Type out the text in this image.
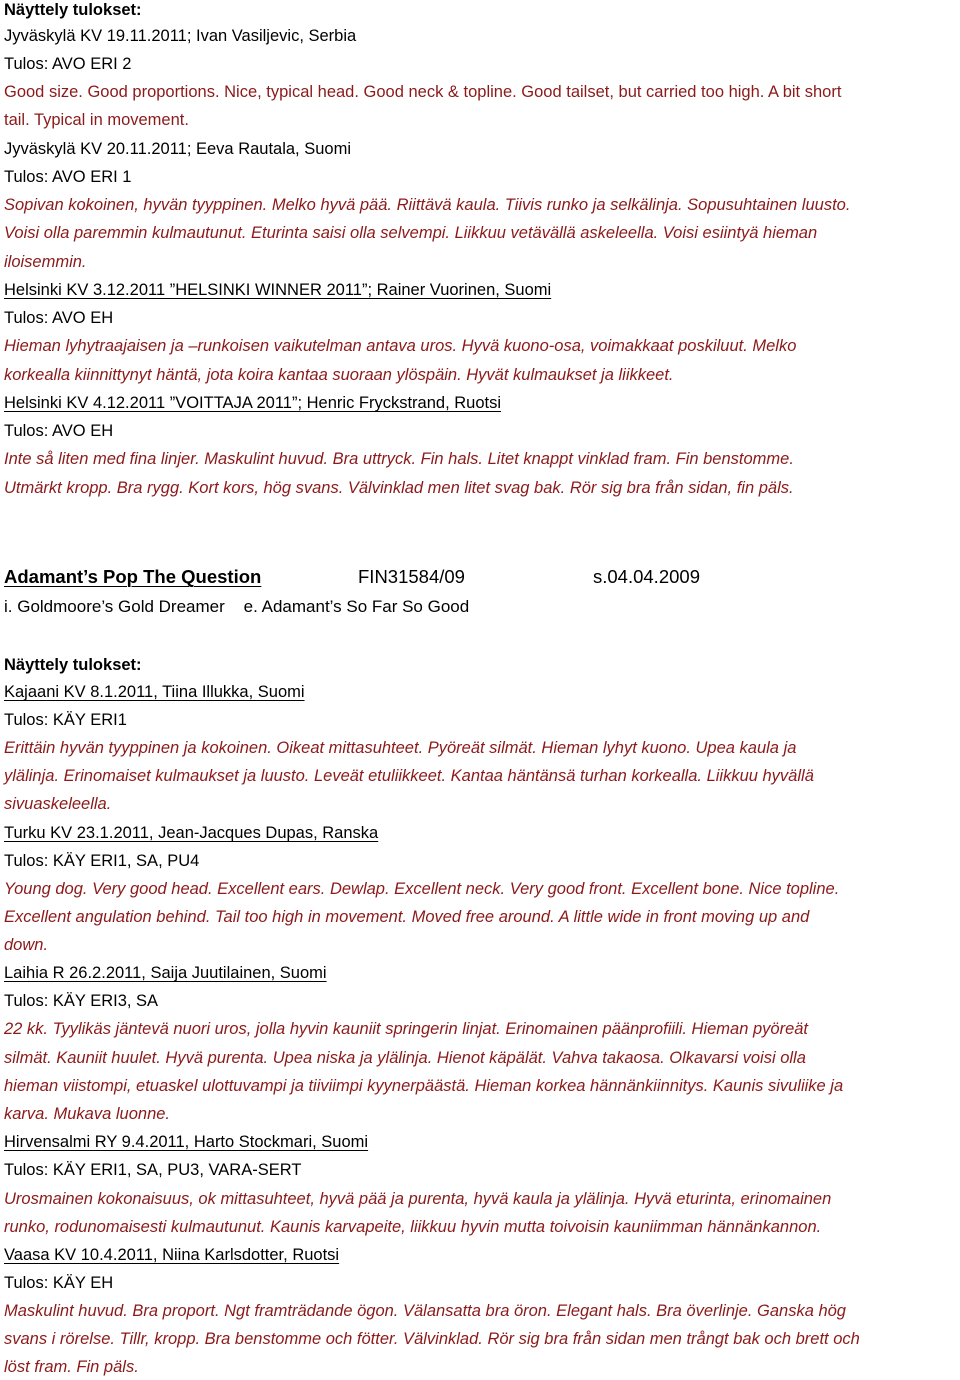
Näyttely tulokset:
Jyväskylä KV 19.11.2011; Ivan Vasiljevic, Serbia
Tulos: AVO ERI 2
Good size. Good proportions. Nice, typical head. Good neck & topline. Good tailset, but carried too high. A bit short
tail. Typical in movement.
Jyväskylä KV 20.11.2011; Eeva Rautala, Suomi
Tulos: AVO ERI 1
Sopivan kokoinen, hyvän tyyppinen. Melko hyvä pää. Riittävä kaula. Tiivis runko ja selkälinja. Sopusuhtainen luusto.
Voisi olla paremmin kulmautunut. Eturinta saisi olla selvempi. Liikkuu vetävällä askeleella. Voisi esiintyä hieman
iloisemmin.
Helsinki KV 3.12.2011 ”HELSINKI WINNER 2011”; Rainer Vuorinen, Suomi
Tulos: AVO EH
Hieman lyhytraajaisen ja –runkoisen vaikutelman antava uros. Hyvä kuono-osa, voimakkaat poskiluut. Melko
korkealla kiinnittynyt häntä, jota koira kantaa suoraan ylöspäin. Hyvät kulmaukset ja liikkeet.
Helsinki KV 4.12.2011 ”VOITTAJA 2011”; Henric Fryckstrand, Ruotsi
Tulos: AVO EH
Inte så liten med fina linjer. Maskulint huvud. Bra uttryck. Fin hals. Litet knappt vinklad fram. Fin benstomme.
Utmärkt kropp. Bra rygg. Kort kors, hög svans. Välvinklad men litet svag bak. Rör sig bra från sidan, fin päls.
Adamant’s Pop The Question	FIN31584/09	s.04.04.2009
i. Goldmoore’s Gold Dreamer    e. Adamant’s So Far So Good
Näyttely tulokset:
Kajaani KV 8.1.2011, Tiina Illukka, Suomi
Tulos: KÄY ERI1
Erittäin hyvän tyyppinen ja kokoinen. Oikeat mittasuhteet. Pyöreät silmät. Hieman lyhyt kuono. Upea kaula ja
ylälinja. Erinomaiset kulmaukset ja luusto. Leveät etuliikkeet. Kantaa häntänsä turhan korkealla. Liikkuu hyvällä
sivuaskeleella.
Turku KV 23.1.2011, Jean-Jacques Dupas, Ranska
Tulos: KÄY ERI1, SA, PU4
Young dog. Very good head. Excellent ears. Dewlap. Excellent neck. Very good front. Excellent bone. Nice topline.
Excellent angulation behind. Tail too high in movement. Moved free around. A little wide in front moving up and
down.
Laihia R 26.2.2011, Saija Juutilainen, Suomi
Tulos: KÄY ERI3, SA
22 kk. Tyylikäs jäntevä nuori uros, jolla hyvin kauniit springerin linjat. Erinomainen päänprofiili. Hieman pyöreät
silmät. Kauniit huulet. Hyvä purenta. Upea niska ja ylälinja. Hienot käpälät. Vahva takaosa. Olkavarsi voisi olla
hieman viistompi, etuaskel ulottuvampi ja tiiviimpi kyynerpäästä. Hieman korkea hännänkiinnitys. Kaunis sivuliike ja
karva. Mukava luonne.
Hirvensalmi RY 9.4.2011, Harto Stockmari, Suomi
Tulos: KÄY ERI1, SA, PU3, VARA-SERT
Urosmainen kokonaisuus, ok mittasuhteet, hyvä pää ja purenta, hyvä kaula ja ylälinja. Hyvä eturinta, erinomainen
runko, rodunomaisesti kulmautunut. Kaunis karvapeite, liikkuu hyvin mutta toivoisin kauniimman hännänkannon.
Vaasa KV 10.4.2011, Niina Karlsdotter, Ruotsi
Tulos: KÄY EH
Maskulint huvud. Bra proport. Ngt framträdande ögon. Välansatta bra öron. Elegant hals. Bra överlinje. Ganska hög
svans i rörelse. Tillr, kropp. Bra benstomme och fötter. Välvinklad. Rör sig bra från sidan men trångt bak och brett och
löst fram. Fin päls.
